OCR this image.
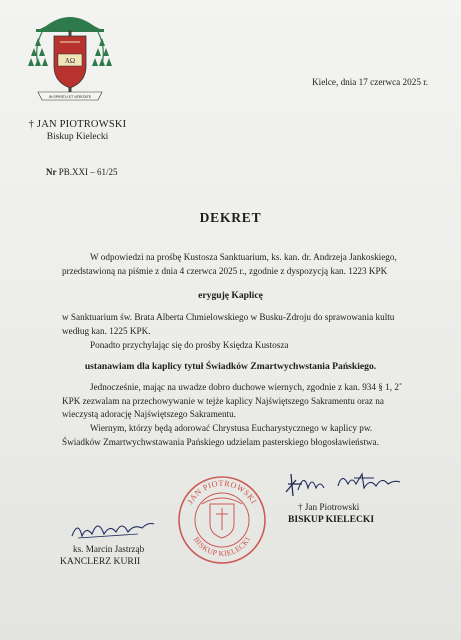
ΑΩ
IN SPIRITU ET VERITATE
Kielce, dnia 17 czerwca 2025 r.
† JAN PIOTROWSKI
Biskup Kielecki
Nr PB.XXI – 61/25
DEKRET
W odpowiedzi na prośbę Kustosza Sanktuarium, ks. kan. dr. Andrzeja Jankoskiego,
przedstawioną na piśmie z dnia 4 czerwca 2025 r., zgodnie z dyspozycją kan. 1223 KPK
eryguję Kaplicę
w Sanktuarium św. Brata Alberta Chmielowskiego w Busku-Zdroju do sprawowania kultu
według kan. 1225 KPK.
Ponadto przychylając się do prośby Księdza Kustosza
ustanawiam dla kaplicy tytuł Świadków Zmartwychwstania Pańskiego.
Jednocześnie, mając na uwadze dobro duchowe wiernych, zgodnie z kan. 934 § 1, 2˚
KPK zezwalam na przechowywanie w tejże kaplicy Najświętszego Sakramentu oraz na
wieczystą adorację Najświętszego Sakramentu.
Wiernym, którzy będą adorować Chrystusa Eucharystycznego w kaplicy pw.
Świadków Zmartwychwstawania Pańskiego udzielam pasterskiego błogosławieństwa.
† Jan Piotrowski
BISKUP KIELECKI
JAN PIOTROWSKI
BISKUP KIELECKI
ks. Marcin Jastrząb
KANCLERZ KURII
